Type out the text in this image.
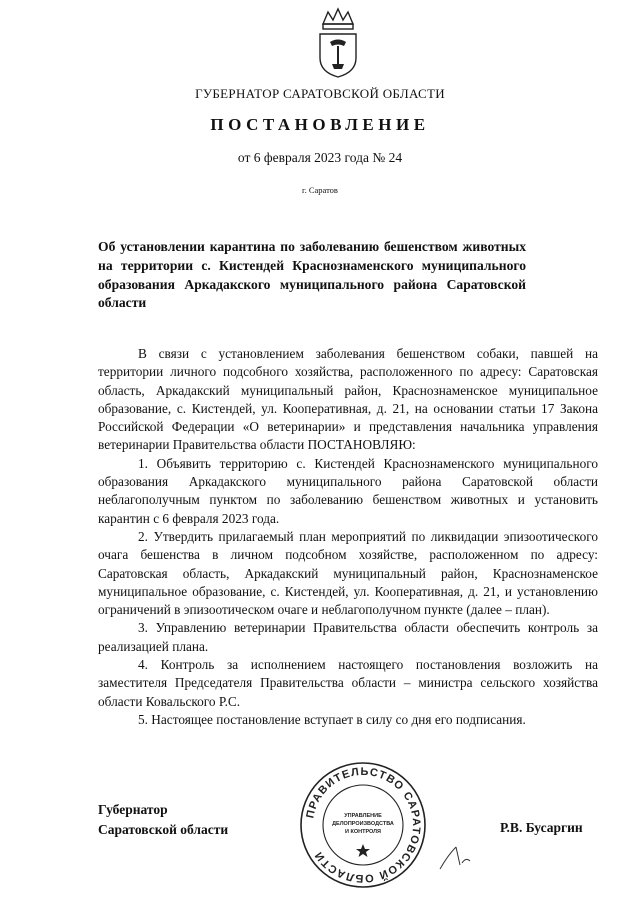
ГУБЕРНАТОР САРАТОВСКОЙ ОБЛАСТИ
ПОСТАНОВЛЕНИЕ
от 6 февраля 2023 года № 24
г. Саратов

Об установлении карантина по заболеванию бешенством животных на территории с. Кистендей Краснознаменского муниципального образования Аркадакского муниципального района Саратовской области

В связи с установлением заболевания бешенством собаки, павшей на территории личного подсобного хозяйства, расположенного по адресу: Саратовская область, Аркадакский муниципальный район, Краснознаменское муниципальное образование, с. Кистендей, ул. Кооперативная, д. 21, на основании статьи 17 Закона Российской Федерации «О ветеринарии» и представления начальника управления ветеринарии Правительства области ПОСТАНОВЛЯЮ:

1. Объявить территорию с. Кистендей Краснознаменского муниципального образования Аркадакского муниципального района Саратовской области неблагополучным пунктом по заболеванию бешенством животных и установить карантин с 6 февраля 2023 года.

2. Утвердить прилагаемый план мероприятий по ликвидации эпизоотического очага бешенства в личном подсобном хозяйстве, расположенном по адресу: Саратовская область, Аркадакский муниципальный район, Краснознаменское муниципальное образование, с. Кистендей, ул. Кооперативная, д. 21, и установлению ограничений в эпизоотическом очаге и неблагополучном пункте (далее – план).

3. Управлению ветеринарии Правительства области обеспечить контроль за реализацией плана.

4. Контроль за исполнением настоящего постановления возложить на заместителя Председателя Правительства области – министра сельского хозяйства области Ковальского Р.С.

5. Настоящее постановление вступает в силу со дня его подписания.

Губернатор
Саратовской области
ПРАВИТЕЛЬСТВО САРАТОВСКОЙ ОБЛАСТИ
УПРАВЛЕНИЕ
ДЕЛОПРОИЗВОДСТВА
И КОНТРОЛЯ	Р.В. Бусаргин
